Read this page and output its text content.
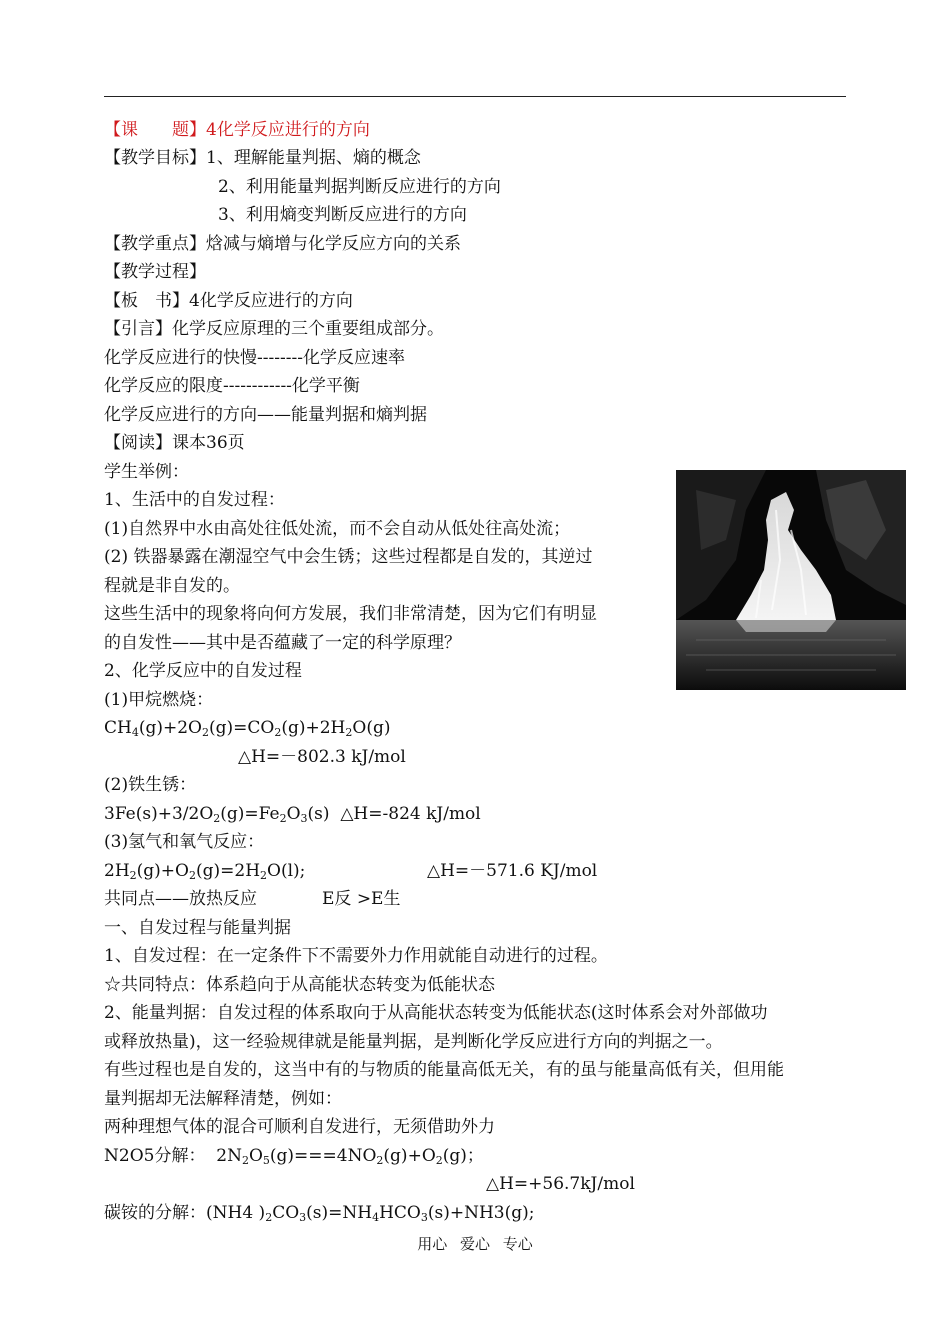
【课　　题】4化学反应进行的方向
【教学目标】1、理解能量判据、熵的概念
2、利用能量判据判断反应进行的方向
3、利用熵变判断反应进行的方向
【教学重点】焓减与熵增与化学反应方向的关系
【教学过程】
【板　书】4化学反应进行的方向
【引言】化学反应原理的三个重要组成部分。
化学反应进行的快慢--------化学反应速率
化学反应的限度------------化学平衡
化学反应进行的方向——能量判据和熵判据
【阅读】课本36页
学生举例：
1、生活中的自发过程：
(1)自然界中水由高处往低处流，而不会自动从低处往高处流；
(2) 铁器暴露在潮湿空气中会生锈；这些过程都是自发的，其逆过
程就是非自发的。
这些生活中的现象将向何方发展，我们非常清楚，因为它们有明显
的自发性——其中是否蕴藏了一定的科学原理？
2、化学反应中的自发过程
(1)甲烷燃烧：
$CH_4(g)+2O_2(g)=CO_2(g)+2H_2O(g)$
△H=－802.3 kJ/mol
(2)铁生锈：
$3Fe(s)+3/2O_2(g)=Fe_2O_3(s)$ △H=-824 kJ/mol
(3)氢气和氧气反应：
$2H_2(g)+O_2(g)=2H_2O(l)$;	△H=－571.6 KJ/mol
共同点——放热反应	E反 >E生
一、自发过程与能量判据
1、自发过程：在一定条件下不需要外力作用就能自动进行的过程。
☆共同特点：体系趋向于从高能状态转变为低能状态
2、能量判据：自发过程的体系取向于从高能状态转变为低能状态(这时体系会对外部做功
或释放热量)，这一经验规律就是能量判据，是判断化学反应进行方向的判据之一。
有些过程也是自发的，这当中有的与物质的能量高低无关，有的虽与能量高低有关，但用能
量判据却无法解释清楚，例如：
两种理想气体的混合可顺利自发进行，无须借助外力
N2O5分解： $2N_2O_5(g)===4NO_2(g)+O_2(g)$；
△H=+56.7kJ/mol
碳铵的分解：(NH4 )$_2CO_3(s)=NH_4HCO_3(s)+NH3(g)$;
用心 爱心 专心
